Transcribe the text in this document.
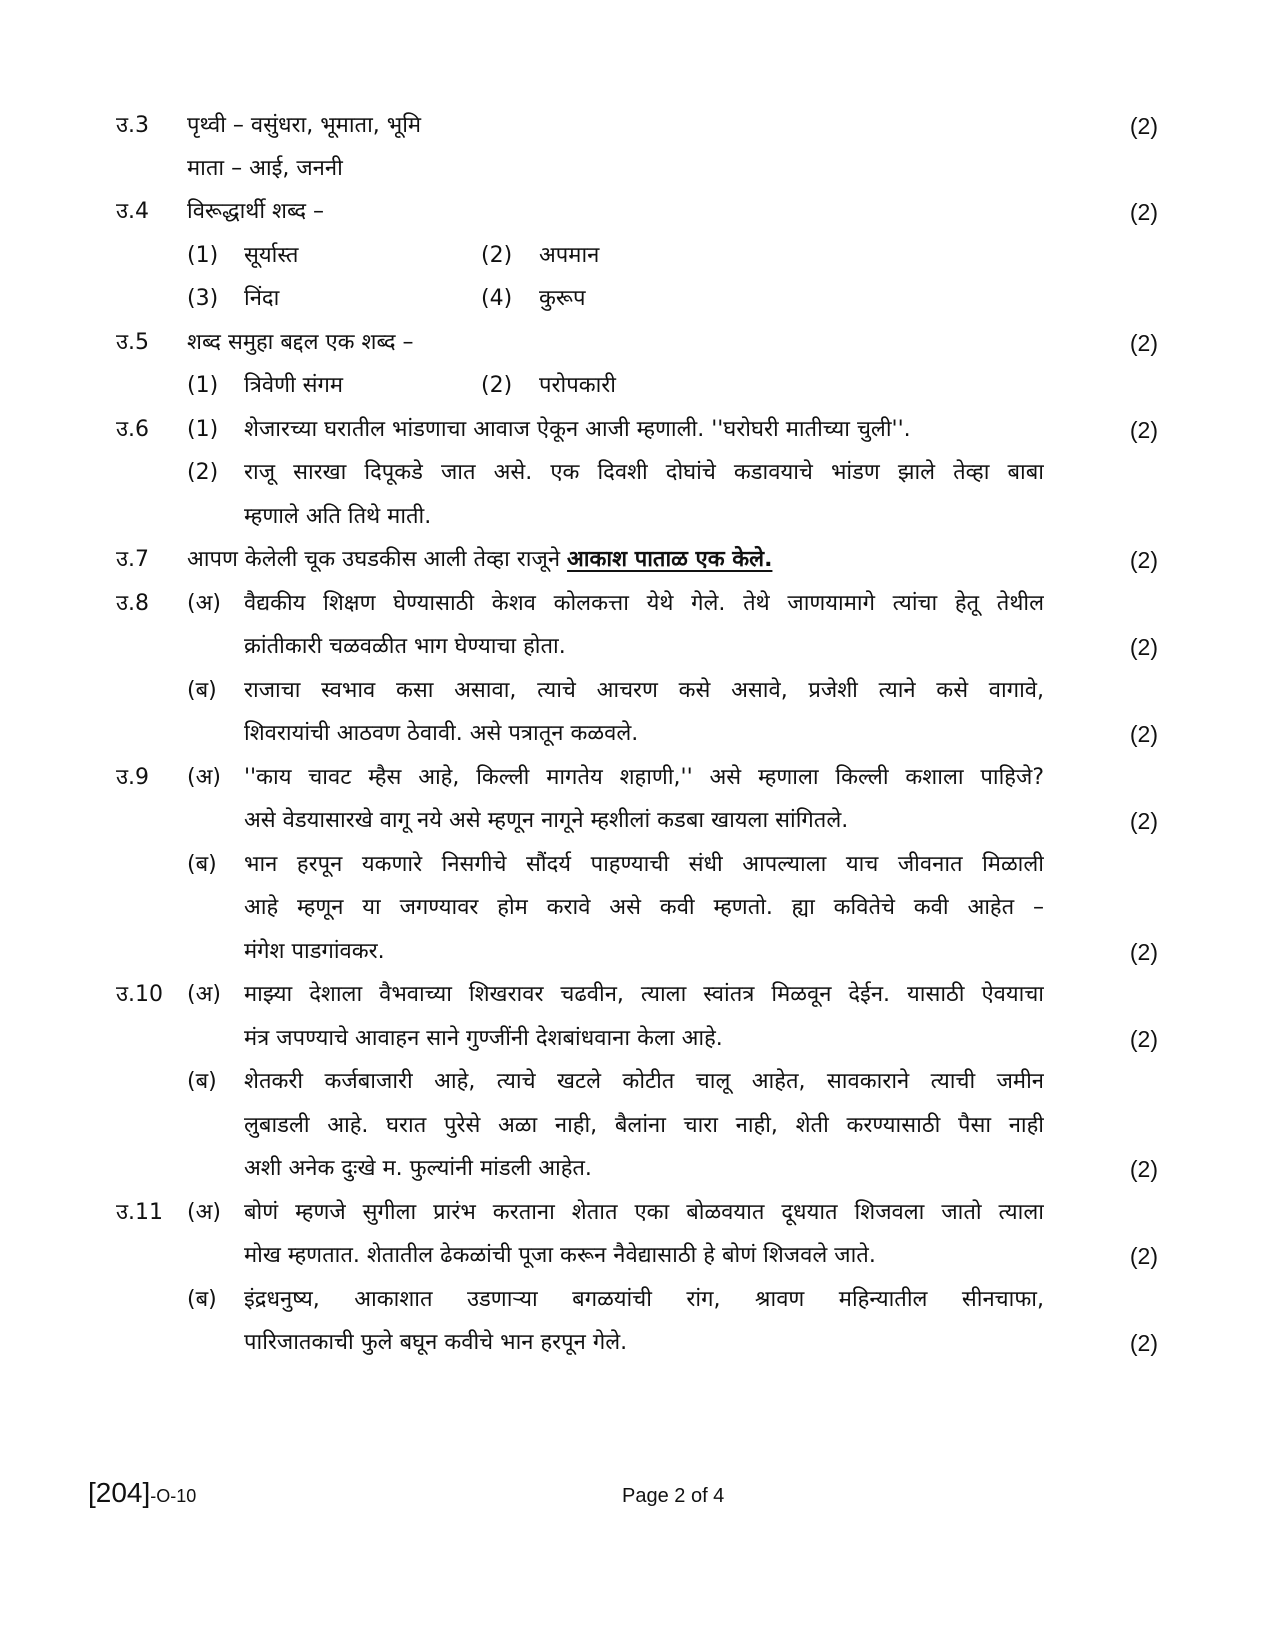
उ.3 पृथ्वी – वसुंधरा, भूमाता, भूमि	(2)
माता – आई, जननी
उ.4 विरूद्धार्थी शब्द –	(2)
(1) सूर्यास्त	(2) अपमान
(3) निंदा	(4) कुरूप
उ.5 शब्द समुहा बद्दल एक शब्द –	(2)
(1) त्रिवेणी संगम	(2) परोपकारी
उ.6 (1) शेजारच्या घरातील भांडणाचा आवाज ऐकून आजी म्हणाली. ''घरोघरी मातीच्या चुली''.	(2)
(2) राजू सारखा दिपूकडे जात असे. एक दिवशी दोघांचे कडावयाचे भांडण झाले तेव्हा बाबा
म्हणाले अति तिथे माती.
उ.7 आपण केलेली चूक उघडकीस आली तेव्हा राजूने आकाश पाताळ एक केले.	(2)
उ.8 (अ) वैद्यकीय शिक्षण घेण्यासाठी केशव कोलकत्ता येथे गेले. तेथे जाणयामागे त्यांचा हेतू तेथील
क्रांतीकारी चळवळीत भाग घेण्याचा होता.	(2)
(ब) राजाचा स्वभाव कसा असावा, त्याचे आचरण कसे असावे, प्रजेशी त्याने कसे वागावे,
शिवरायांची आठवण ठेवावी. असे पत्रातून कळवले.	(2)
उ.9 (अ) ''काय चावट म्हैस आहे, किल्ली मागतेय शहाणी,'' असे म्हणाला किल्ली कशाला पाहिजे?
असे वेडयासारखे वागू नये असे म्हणून नागूने म्हशीलां कडबा खायला सांगितले.	(2)
(ब) भान हरपून यकणारे निसगीचे सौंदर्य पाहण्याची संधी आपल्याला याच जीवनात मिळाली
आहे म्हणून या जगण्यावर होम करावे असे कवी म्हणतो. ह्या कवितेचे कवी आहेत –
मंगेश पाडगांवकर.	(2)
उ.10 (अ) माझ्या देशाला वैभवाच्या शिखरावर चढवीन, त्याला स्वांतत्र मिळवून देईन. यासाठी ऐवयाचा
मंत्र जपण्याचे आवाहन साने गुण्जींनी देशबांधवाना केला आहे.	(2)
(ब) शेतकरी कर्जबाजारी आहे, त्याचे खटले कोटीत चालू आहेत, सावकाराने त्याची जमीन
लुबाडली आहे. घरात पुरेसे अळा नाही, बैलांना चारा नाही, शेती करण्यासाठी पैसा नाही
अशी अनेक दुःखे म. फुल्यांनी मांडली आहेत.	(2)
उ.11 (अ) बोणं म्हणजे सुगीला प्रारंभ करताना शेतात एका बोळवयात दूधयात शिजवला जातो त्याला
मोख म्हणतात. शेतातील ढेकळांची पूजा करून नैवेद्यासाठी हे बोणं शिजवले जाते.	(2)
(ब) इंद्रधनुष्य, आकाशात उडणाऱ्या बगळयांची रांग, श्रावण महिन्यातील सीनचाफा,
पारिजातकाची फुले बघून कवीचे भान हरपून गेले.	(2)
[204]-O-10	Page 2 of 4
